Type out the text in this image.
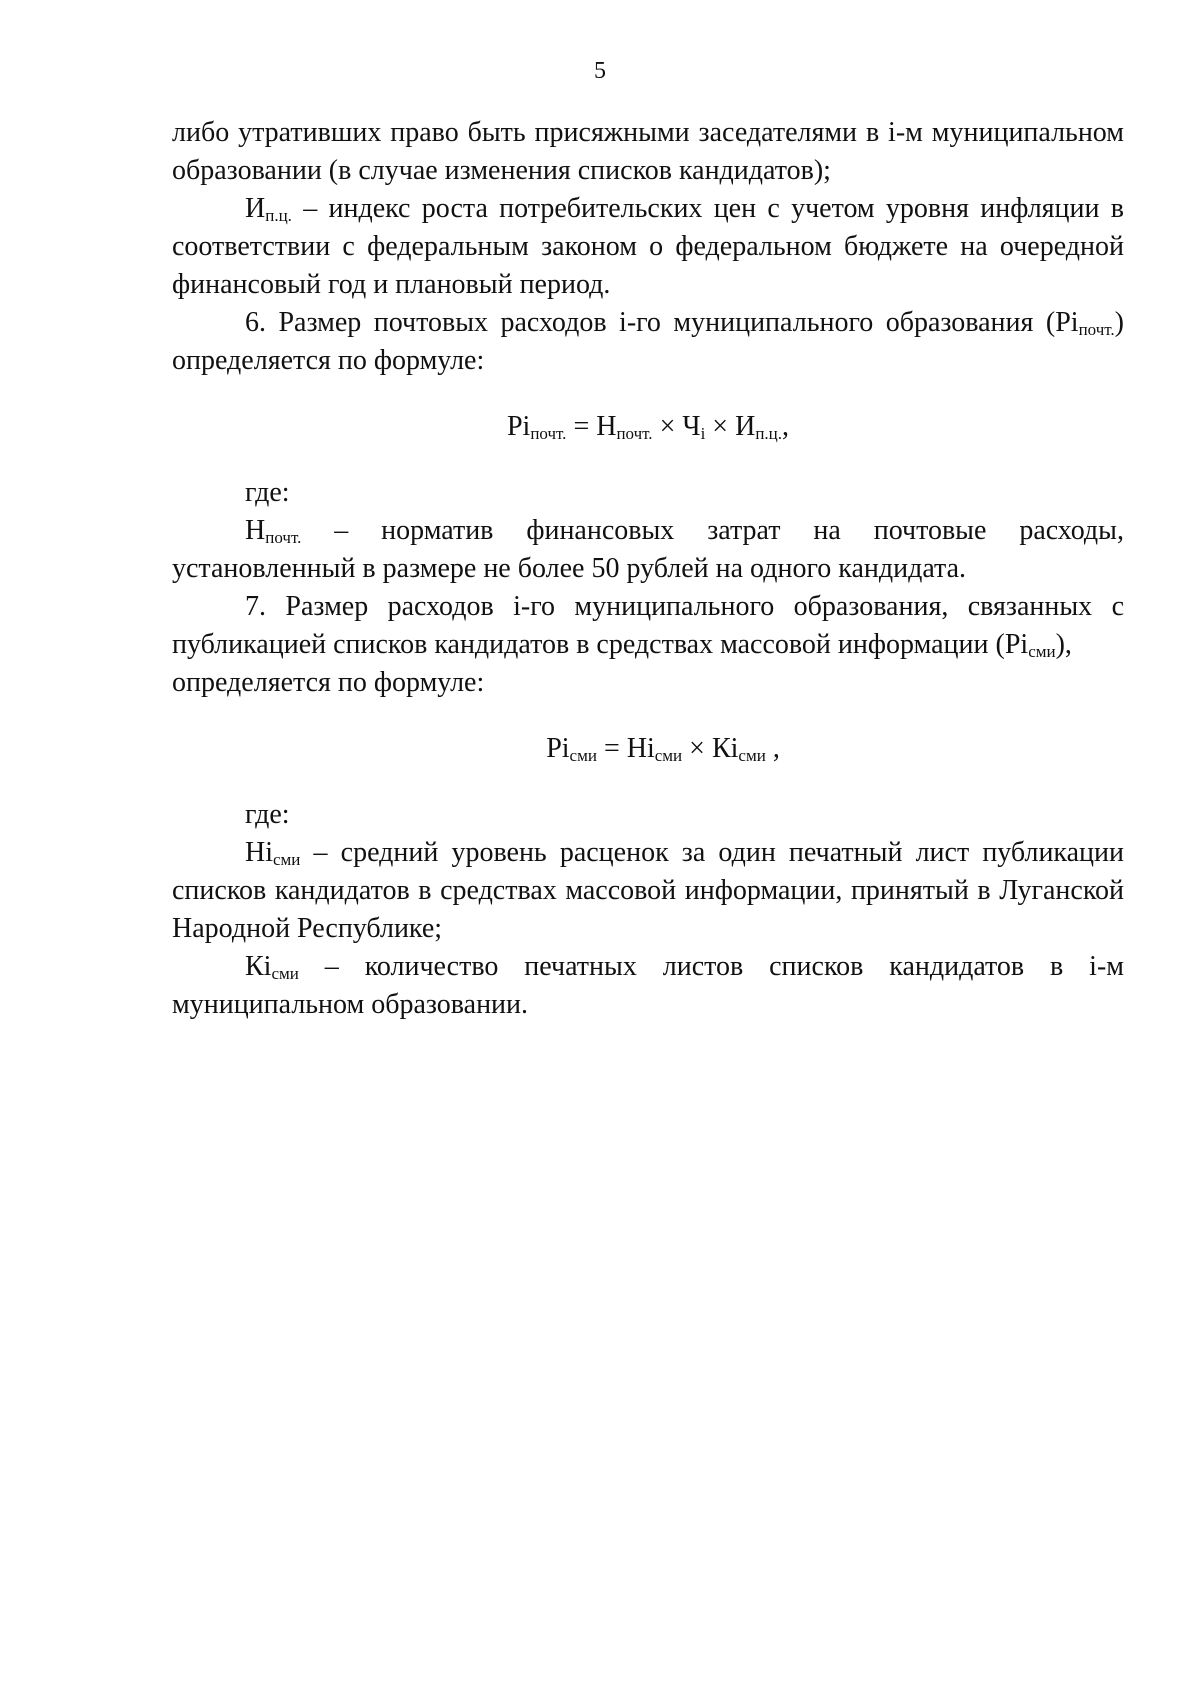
5

либо утративших право быть присяжными заседателями в i-м муниципальном образовании (в случае изменения списков кандидатов);

$И_{п.ц.}$ – индекс роста потребительских цен с учетом уровня инфляции в соответствии с федеральным законом о федеральном бюджете на очередной финансовый год и плановый период.

6. Размер почтовых расходов i-го муниципального образования $(Рi_{почт.})$

определяется по формуле:

$Рi_{почт.} = Н_{почт.} \times Ч_i \times И_{п.ц.}$,

где:

$Н_{почт.}$ – норматив финансовых затрат на почтовые расходы,

установленный в размере не более 50 рублей на одного кандидата.

7. Размер расходов i-го муниципального образования, связанных с публикацией списков кандидатов в средствах массовой информации $(Рi_{сми})$,

определяется по формуле:

$Рi_{сми} = Нi_{сми} \times Кi_{сми}$ ,

где:

$Нi_{сми}$ – средний уровень расценок за один печатный лист публикации списков кандидатов в средствах массовой информации, принятый в Луганской Народной Республике;

$Кi_{сми}$ – количество печатных листов списков кандидатов в i-м

муниципальном образовании.
